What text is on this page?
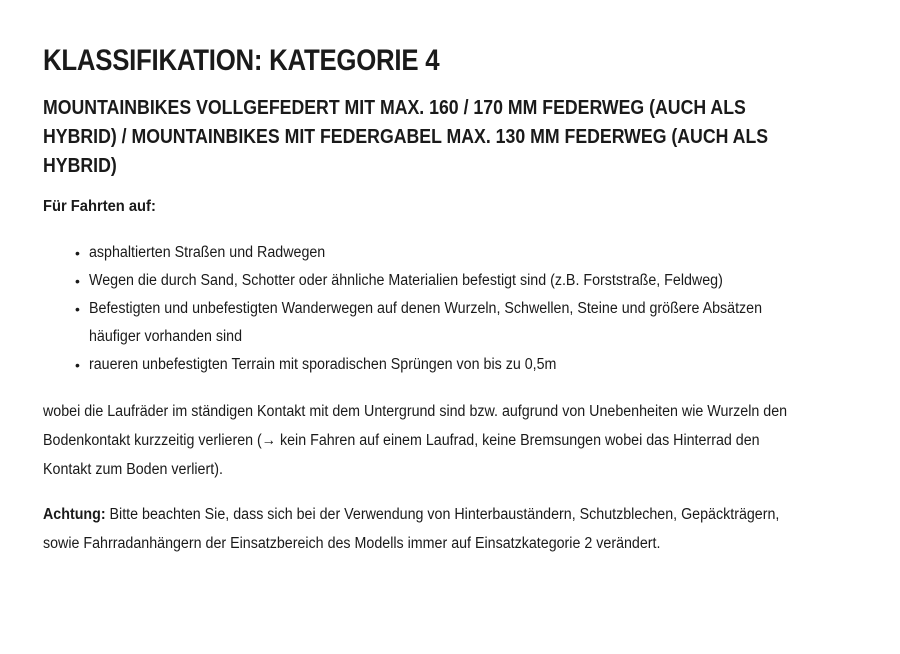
KLASSIFIKATION: KATEGORIE 4
MOUNTAINBIKES VOLLGEFEDERT MIT MAX. 160 / 170 MM FEDERWEG (AUCH ALS HYBRID) / MOUNTAINBIKES MIT FEDERGABEL MAX. 130 MM FEDERWEG (AUCH ALS HYBRID)

Für Fahrten auf:

• asphaltierten Straßen und Radwegen
• Wegen die durch Sand, Schotter oder ähnliche Materialien befestigt sind (z.B. Forststraße, Feldweg)
• Befestigten und unbefestigten Wanderwegen auf denen Wurzeln, Schwellen, Steine und größere Absätzen häufiger vorhanden sind
• raueren unbefestigten Terrain mit sporadischen Sprüngen von bis zu 0,5m

wobei die Laufräder im ständigen Kontakt mit dem Untergrund sind bzw. aufgrund von Unebenheiten wie Wurzeln den Bodenkontakt kurzzeitig verlieren (→ kein Fahren auf einem Laufrad, keine Bremsungen wobei das Hinterrad den Kontakt zum Boden verliert).

Achtung: Bitte beachten Sie, dass sich bei der Verwendung von Hinterbauständern, Schutzblechen, Gepäckträgern, sowie Fahrradanhängern der Einsatzbereich des Modells immer auf Einsatzkategorie 2 verändert.
